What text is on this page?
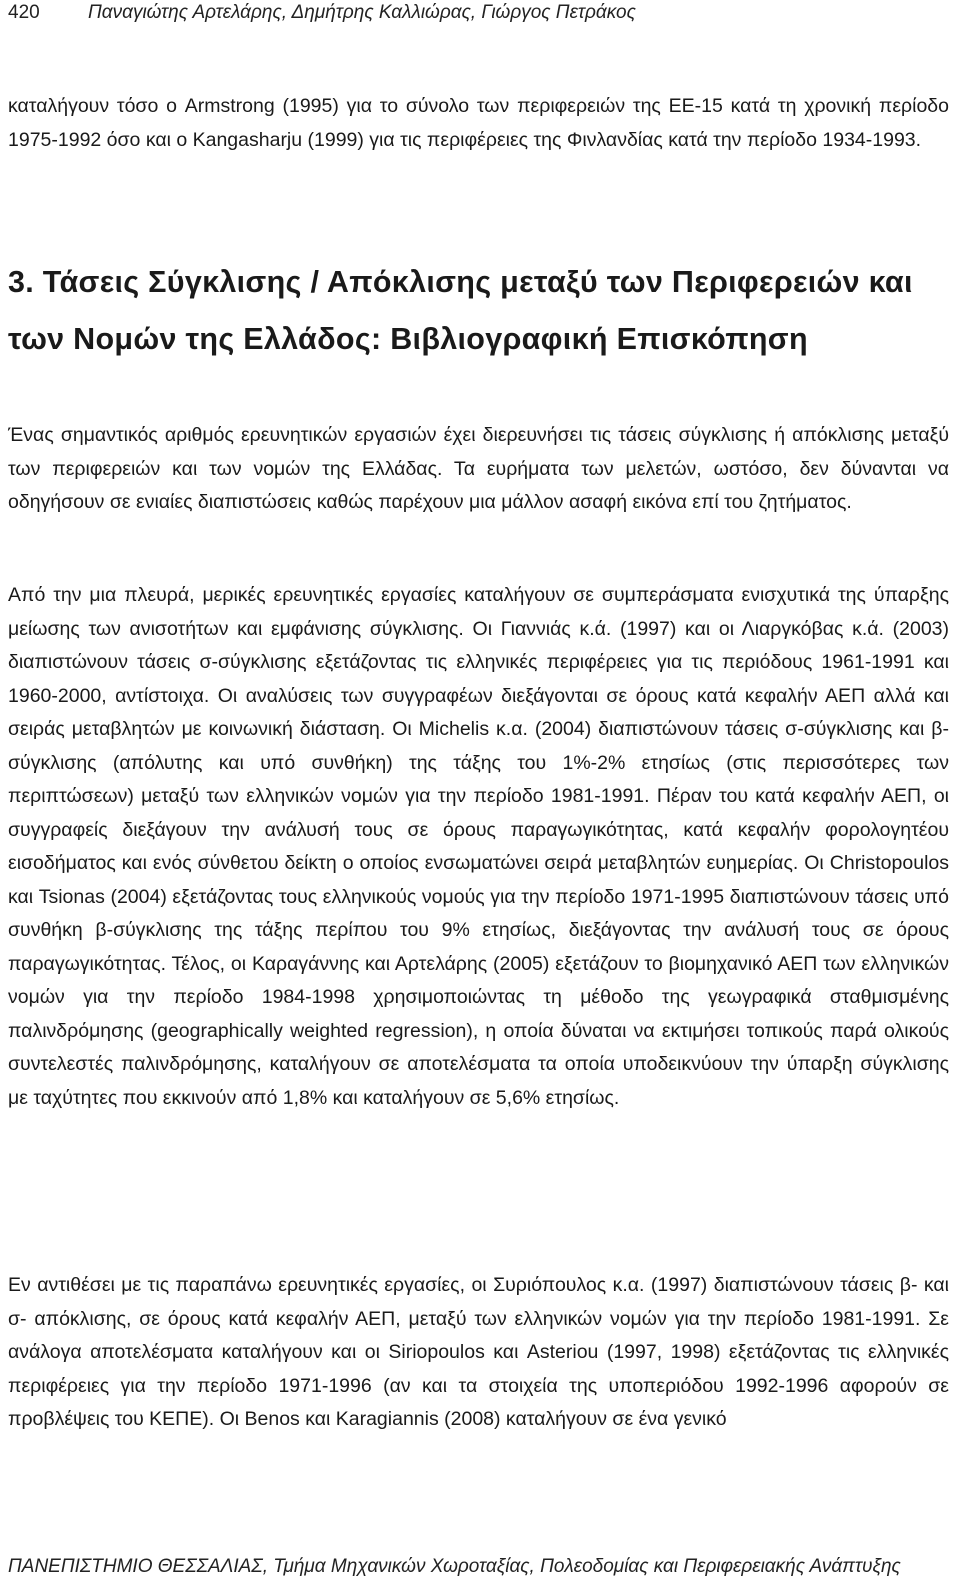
420	Παναγιώτης Αρτελάρης, Δημήτρης Καλλιώρας, Γιώργος Πετράκος

καταλήγουν τόσο ο Armstrong (1995) για το σύνολο των περιφερειών της ΕΕ-15 κατά τη χρονική περίοδο 1975-1992 όσο και ο Kangasharju (1999) για τις περιφέρειες της Φινλανδίας κατά την περίοδο 1934-1993.

3. Τάσεις Σύγκλισης / Απόκλισης μεταξύ των Περιφερειών και των Νομών της Ελλάδος: Βιβλιογραφική Επισκόπηση

Ένας σημαντικός αριθμός ερευνητικών εργασιών έχει διερευνήσει τις τάσεις σύγκλισης ή απόκλισης μεταξύ των περιφερειών και των νομών της Ελλάδας. Τα ευρήματα των μελετών, ωστόσο, δεν δύνανται να οδηγήσουν σε ενιαίες διαπιστώσεις καθώς παρέχουν μια μάλλον ασαφή εικόνα επί του ζητήματος.

Από την μια πλευρά, μερικές ερευνητικές εργασίες καταλήγουν σε συμπεράσματα ενισχυτικά της ύπαρξης μείωσης των ανισοτήτων και εμφάνισης σύγκλισης. Οι Γιαννιάς κ.ά. (1997) και οι Λιαργκόβας κ.ά. (2003) διαπιστώνουν τάσεις σ-σύγκλισης εξετάζοντας τις ελληνικές περιφέρειες για τις περιόδους 1961-1991 και 1960-2000, αντίστοιχα. Οι αναλύσεις των συγγραφέων διεξάγονται σε όρους κατά κεφαλήν ΑΕΠ αλλά και σειράς μεταβλητών με κοινωνική διάσταση. Οι Michelis κ.α. (2004) διαπιστώνουν τάσεις σ-σύγκλισης και β-σύγκλισης (απόλυτης και υπό συνθήκη) της τάξης του 1%-2% ετησίως (στις περισσότερες των περιπτώσεων) μεταξύ των ελληνικών νομών για την περίοδο 1981-1991. Πέραν του κατά κεφαλήν ΑΕΠ, οι συγγραφείς διεξάγουν την ανάλυσή τους σε όρους παραγωγικότητας, κατά κεφαλήν φορολογητέου εισοδήματος και ενός σύνθετου δείκτη ο οποίος ενσωματώνει σειρά μεταβλητών ευημερίας. Οι Christopoulos και Tsionas (2004) εξετάζοντας τους ελληνικούς νομούς για την περίοδο 1971-1995 διαπιστώνουν τάσεις υπό συνθήκη β-σύγκλισης της τάξης περίπου του 9% ετησίως, διεξάγοντας την ανάλυσή τους σε όρους παραγωγικότητας. Τέλος, οι Καραγάννης και Αρτελάρης (2005) εξετάζουν το βιομηχανικό ΑΕΠ των ελληνικών νομών για την περίοδο 1984-1998 χρησιμοποιώντας τη μέθοδο της γεωγραφικά σταθμισμένης παλινδρόμησης (geographically weighted regression), η οποία δύναται να εκτιμήσει τοπικούς παρά ολικούς συντελεστές παλινδρόμησης, καταλήγουν σε αποτελέσματα τα οποία υποδεικνύουν την ύπαρξη σύγκλισης με ταχύτητες που εκκινούν από 1,8% και καταλήγουν σε 5,6% ετησίως.

Εν αντιθέσει με τις παραπάνω ερευνητικές εργασίες, οι Συριόπουλος κ.α. (1997) διαπιστώνουν τάσεις β- και σ- απόκλισης, σε όρους κατά κεφαλήν ΑΕΠ, μεταξύ των ελληνικών νομών για την περίοδο 1981-1991. Σε ανάλογα αποτελέσματα καταλήγουν και οι Siriopoulos και Asteriou (1997, 1998) εξετάζοντας τις ελληνικές περιφέρειες για την περίοδο 1971-1996 (αν και τα στοιχεία της υποπεριόδου 1992-1996 αφορούν σε προβλέψεις του ΚΕΠΕ). Οι Benos και Karagiannis (2008) καταλήγουν σε ένα γενικό

ΠΑΝΕΠΙΣΤΗΜΙΟ ΘΕΣΣΑΛΙΑΣ, Τμήμα Μηχανικών Χωροταξίας, Πολεοδομίας και Περιφερειακής Ανάπτυξης
